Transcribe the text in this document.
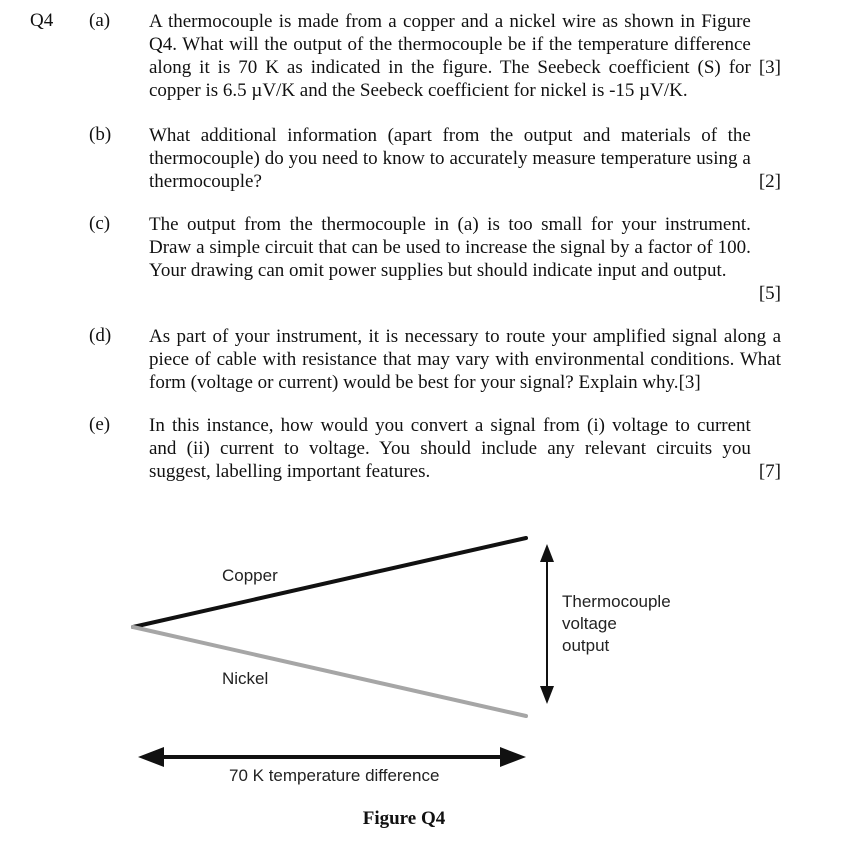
Q4 (a)
[3]
A thermocouple is made from a copper and a nickel wire as shown in Figure Q4. What will the output of the thermocouple be if the temperature difference along it is 70 K as indicated in the figure. The Seebeck coefficient (S) for copper is 6.5 µV/K and the Seebeck coefficient for nickel is -15 µV/K.
(b)
[2]
What additional information (apart from the output and materials of the thermocouple) do you need to know to accurately measure temperature using a thermocouple?
(c)
[5]
The output from the thermocouple in (a) is too small for your instrument. Draw a simple circuit that can be used to increase the signal by a factor of 100. Your drawing can omit power supplies but should indicate input and output.
(d) As part of your instrument, it is necessary to route your amplified signal along a piece of cable with resistance that may vary with environmental conditions. What form (voltage or current) would be best for your signal? Explain why.[3]
(e)
[7]
In this instance, how would you convert a signal from (i) voltage to current and (ii) current to voltage. You should include any relevant circuits you suggest, labelling important features.
Copper
Nickel
Thermocouple
voltage
output
70 K temperature difference
Figure Q4
